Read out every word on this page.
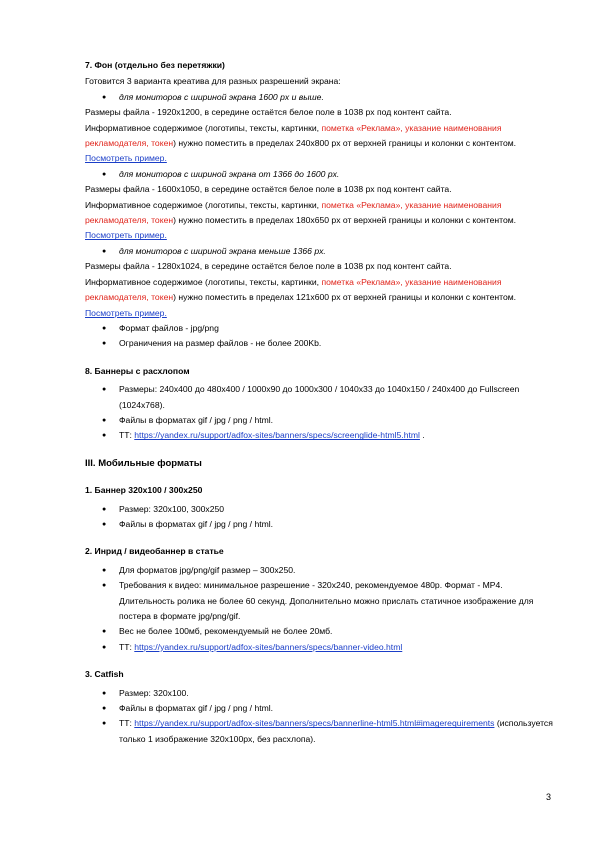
7. Фон (отдельно без перетяжки)

Готовится 3 варианта креатива для разных разрешений экрана:

● для мониторов с шириной экрана 1600 px и выше.

Размеры файла - 1920х1200, в середине остаётся белое поле в 1038 px под контент сайта.

Информативное содержимое (логотипы, тексты, картинки, пометка «Реклама», указание наименования рекламодателя, токен) нужно поместить в пределах 240х800 px от верхней границы и колонки с контентом. Посмотреть пример.

● для мониторов с шириной экрана от 1366 до 1600 px.

Размеры файла - 1600х1050, в середине остаётся белое поле в 1038 px под контент сайта.

Информативное содержимое (логотипы, тексты, картинки, пометка «Реклама», указание наименования рекламодателя, токен) нужно поместить в пределах 180х650 px от верхней границы и колонки с контентом. Посмотреть пример.

● для мониторов с шириной экрана меньше 1366 px.

Размеры файла - 1280х1024, в середине остаётся белое поле в 1038 px под контент сайта.

Информативное содержимое (логотипы, тексты, картинки, пометка «Реклама», указание наименования рекламодателя, токен) нужно поместить в пределах 121х600 px от верхней границы и колонки с контентом. Посмотреть пример.

● Формат файлов - jpg/png
● Ограничения на размер файлов - не более 200Kb.
8. Баннеры с расхлопом
● Размеры: 240х400 до 480х400 / 1000х90 до 1000х300 / 1040х33 до 1040х150 / 240х400 до Fullscreen (1024х768).
● Файлы в форматах gif / jpg / png / html.
● ТТ: https://yandex.ru/support/adfox-sites/banners/specs/screenglide-html5.html .
III. Мобильные форматы
1. Баннер 320х100 / 300х250
● Размер: 320х100, 300х250
● Файлы в форматах gif / jpg / png / html.
2. Инрид / видеобаннер в статье
● Для форматов jpg/png/gif размер – 300х250.
● Требования к видео: минимальное разрешение - 320х240, рекомендуемое 480р. Формат - MP4. Длительность ролика не более 60 секунд. Дополнительно можно прислать статичное изображение для постера в формате jpg/png/gif.
● Вес не более 100мб, рекомендуемый не более 20мб.
● ТТ: https://yandex.ru/support/adfox-sites/banners/specs/banner-video.html
3. Catfish
● Размер: 320х100.
● Файлы в форматах gif / jpg / png / html.
● ТТ: https://yandex.ru/support/adfox-sites/banners/specs/bannerline-html5.html#imagerequirements (используется только 1 изображение 320х100px, без расхлопа).
3
